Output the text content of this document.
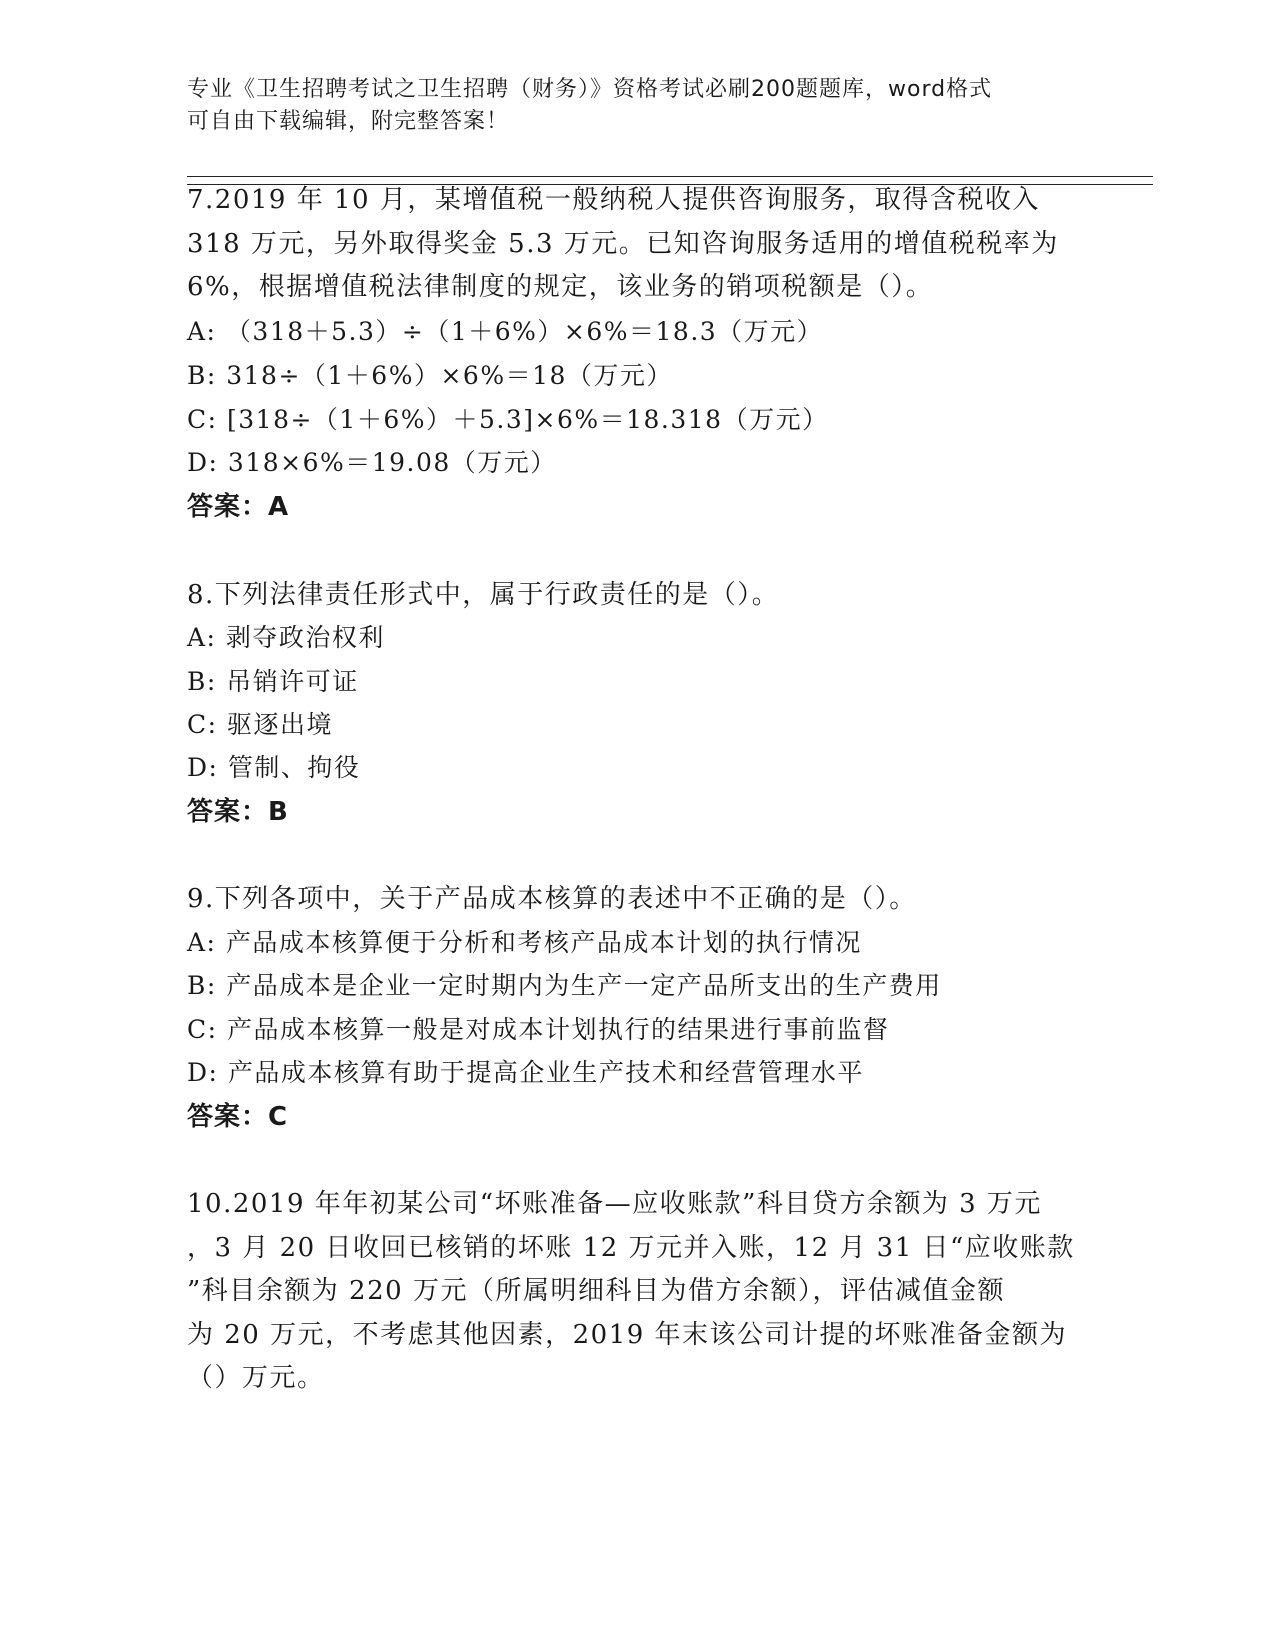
专业《卫生招聘考试之卫生招聘（财务）》资格考试必刷200题题库，word格式
可自由下载编辑，附完整答案！
7.2019 年 10 月，某增值税一般纳税人提供咨询服务，取得含税收入
318 万元，另外取得奖金 5.3 万元。已知咨询服务适用的增值税税率为
6%，根据增值税法律制度的规定，该业务的销项税额是（）。
A: （318＋5.3）÷（1＋6%）×6%＝18.3（万元）
B: 318÷（1＋6%）×6%＝18（万元）
C: [318÷（1＋6%）＋5.3]×6%＝18.318（万元）
D: 318×6%＝19.08（万元）
答案：A
8.下列法律责任形式中，属于行政责任的是（）。
A: 剥夺政治权利
B: 吊销许可证
C: 驱逐出境
D: 管制、拘役
答案：B
9.下列各项中，关于产品成本核算的表述中不正确的是（）。
A: 产品成本核算便于分析和考核产品成本计划的执行情况
B: 产品成本是企业一定时期内为生产一定产品所支出的生产费用
C: 产品成本核算一般是对成本计划执行的结果进行事前监督
D: 产品成本核算有助于提高企业生产技术和经营管理水平
答案：C
10.2019 年年初某公司“坏账准备—应收账款”科目贷方余额为 3 万元
，3 月 20 日收回已核销的坏账 12 万元并入账，12 月 31 日“应收账款
”科目余额为 220 万元（所属明细科目为借方余额），评估减值金额
为 20 万元，不考虑其他因素，2019 年末该公司计提的坏账准备金额为
（）万元。
